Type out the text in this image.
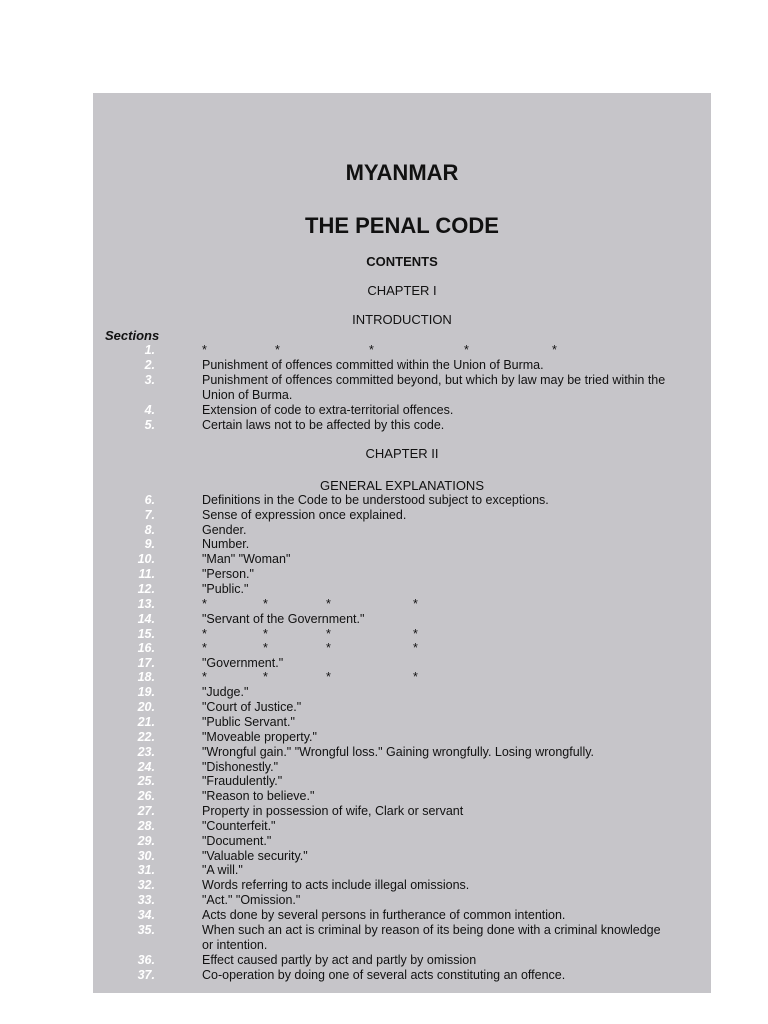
MYANMAR
THE PENAL CODE
CONTENTS
CHAPTER I
INTRODUCTION
Sections
1.	*	*	*	*	*
2.	Punishment of offences committed within the Union of Burma.
3.	Punishment of offences committed beyond, but which by law may be tried within the Union of Burma.
4.	Extension of code to extra-territorial offences.
5.	Certain laws not to be affected by this code.
CHAPTER II
GENERAL EXPLANATIONS
6.	Definitions in the Code to be understood subject to exceptions.
7.	Sense of expression once explained.
8.	Gender.
9.	Number.
10.	"Man" "Woman"
11.	"Person."
12.	"Public."
13.	*	*	*	*
14.	"Servant of the Government."
15.	*	*	*	*
16.	*	*	*	*
17.	"Government."
18.	*	*	*	*
19.	"Judge."
20.	"Court of Justice."
21.	"Public Servant."
22.	"Moveable property."
23.	"Wrongful gain." "Wrongful loss." Gaining wrongfully. Losing wrongfully.
24.	"Dishonestly."
25.	"Fraudulently."
26.	"Reason to believe."
27.	Property in possession of wife, Clark or servant
28.	"Counterfeit."
29.	"Document."
30.	"Valuable security."
31.	"A will."
32.	Words referring to acts include illegal omissions.
33.	"Act." "Omission."
34.	Acts done by several persons in furtherance of common intention.
35.	When such an act is criminal by reason of its being done with a criminal knowledge or intention.
36.	Effect caused partly by act and partly by omission
37.	Co-operation by doing one of several acts constituting an offence.
